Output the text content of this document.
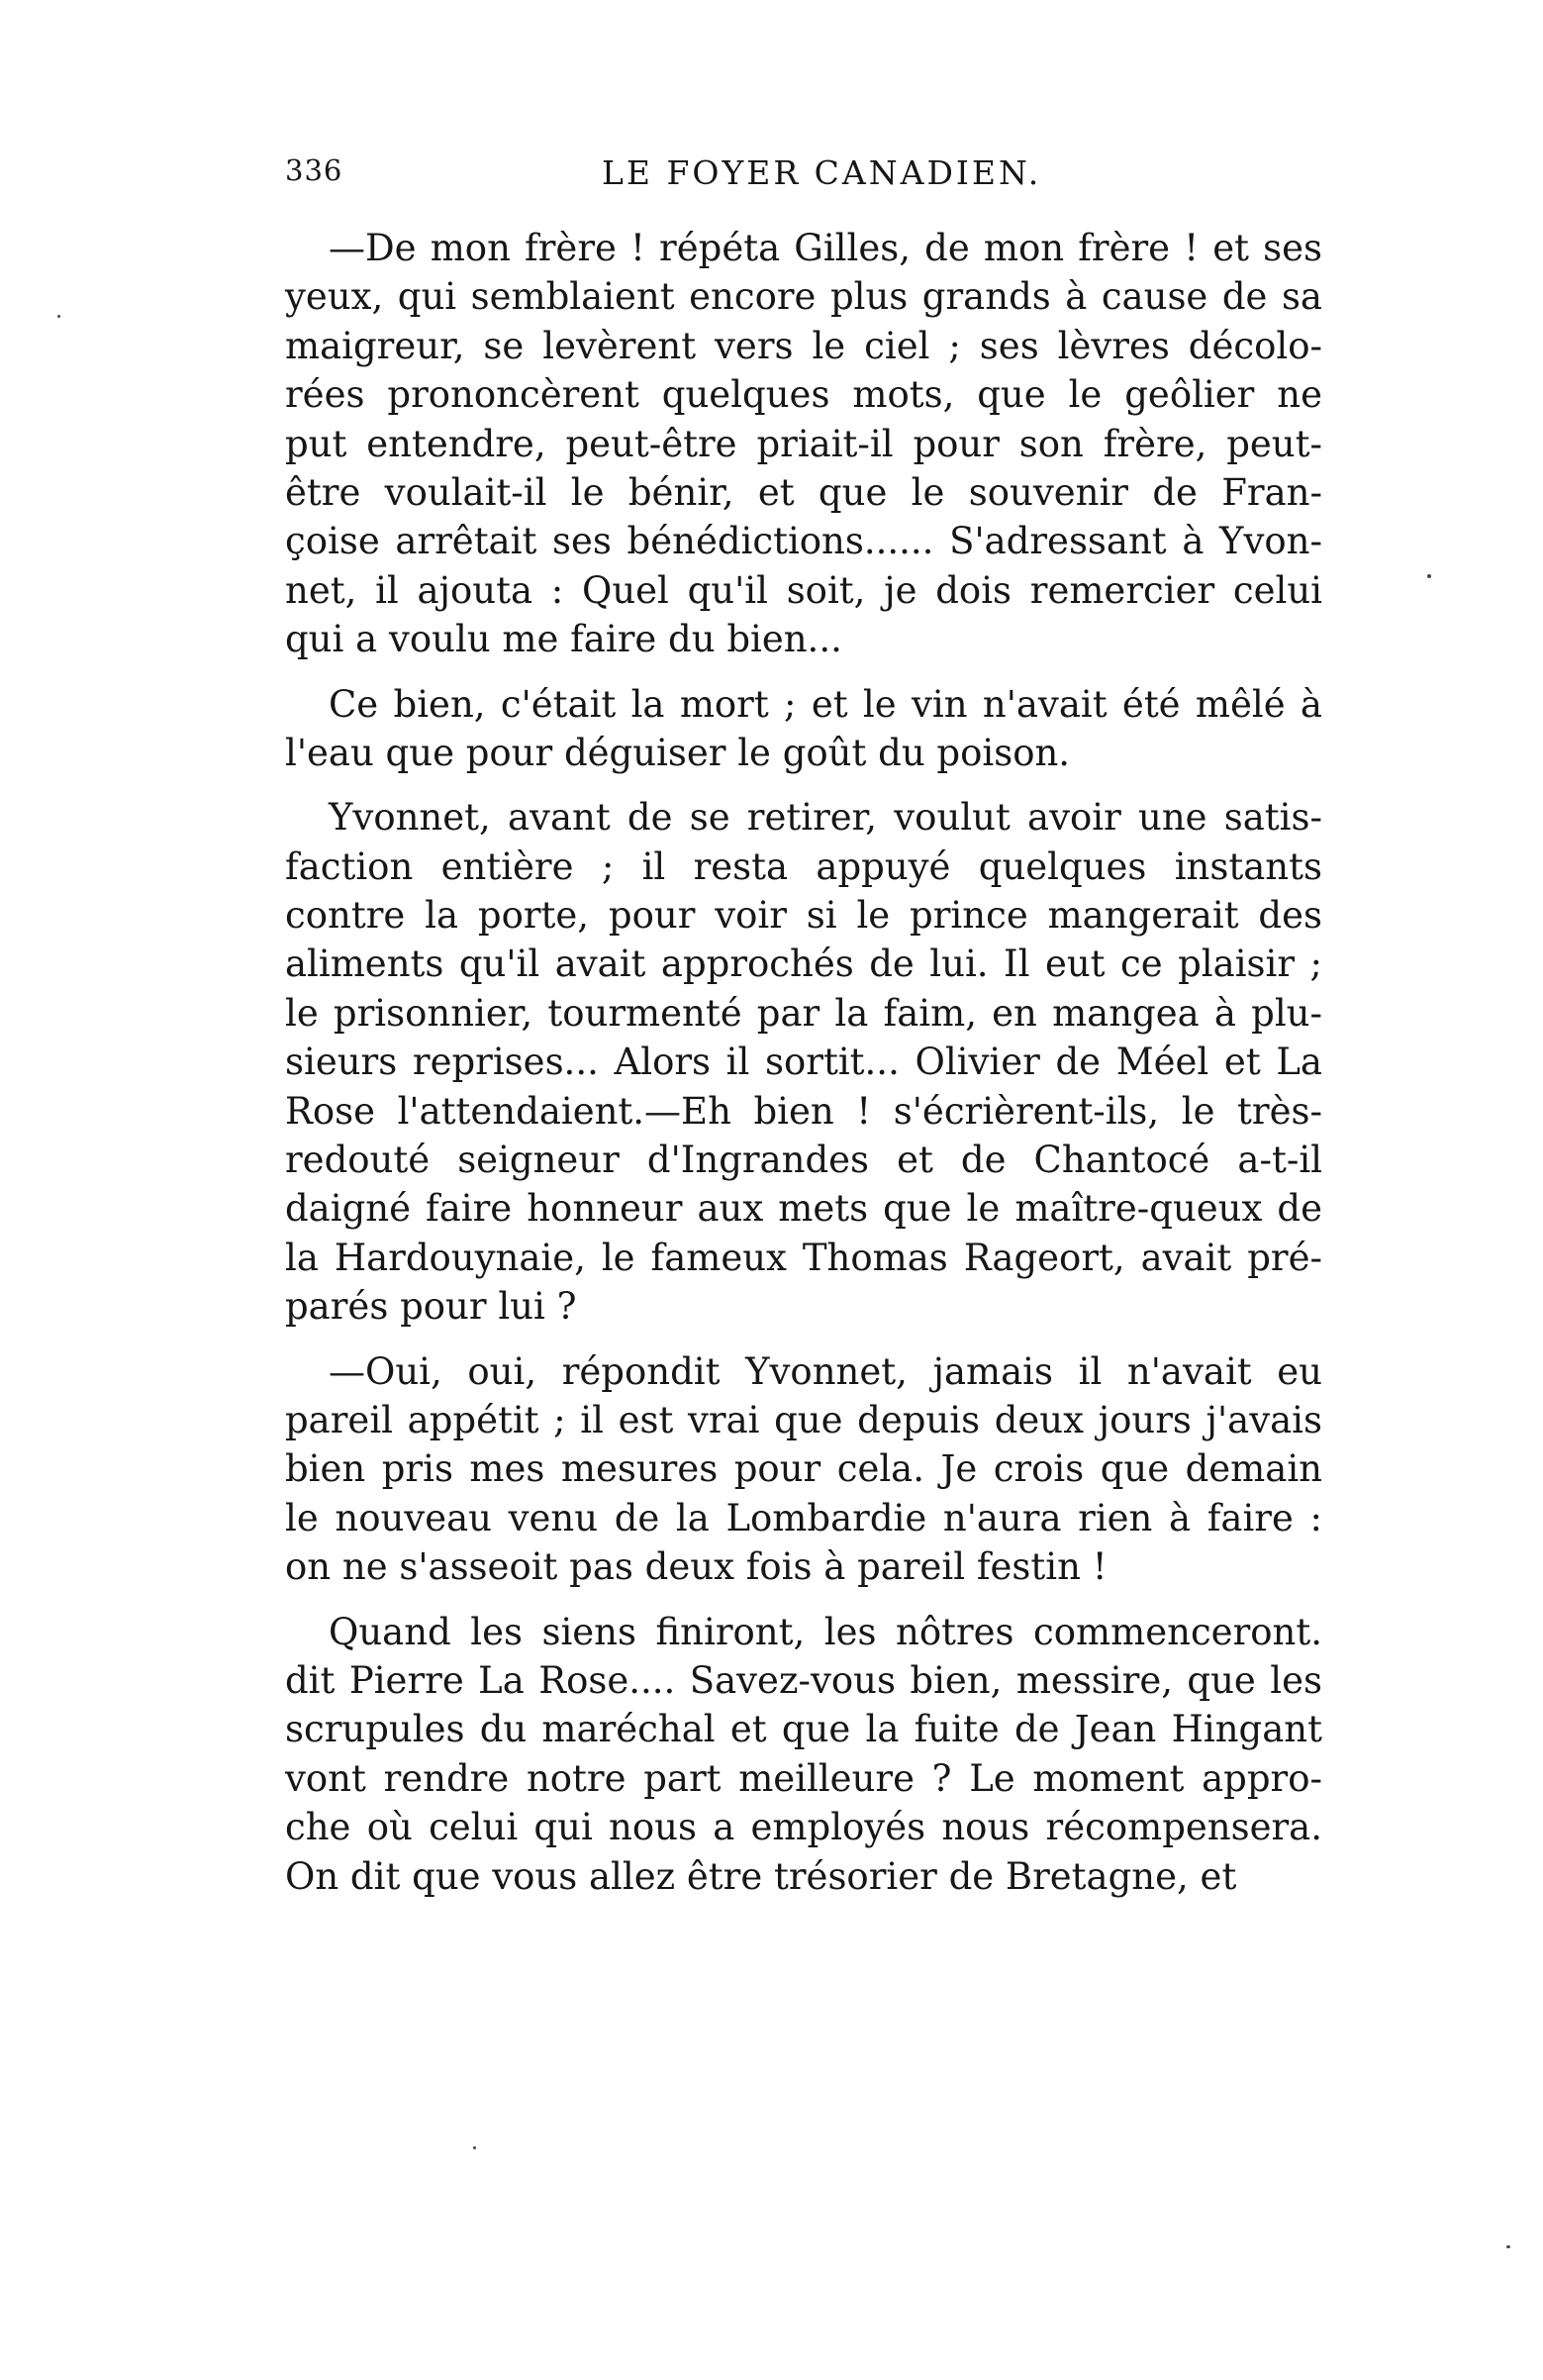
336	LE FOYER CANADIEN.
—De mon frère ! répéta Gilles, de mon frère ! et ses
yeux, qui semblaient encore plus grands à cause de sa
maigreur, se levèrent vers le ciel ; ses lèvres décolo-
rées prononcèrent quelques mots, que le geôlier ne
put entendre, peut-être priait-il pour son frère, peut-
être voulait-il le bénir, et que le souvenir de Fran-
çoise arrêtait ses bénédictions...... S'adressant à Yvon-
net, il ajouta : Quel qu'il soit, je dois remercier celui
qui a voulu me faire du bien...
Ce bien, c'était la mort ; et le vin n'avait été mêlé à
l'eau que pour déguiser le goût du poison.
Yvonnet, avant de se retirer, voulut avoir une satis-
faction entière ; il resta appuyé quelques instants
contre la porte, pour voir si le prince mangerait des
aliments qu'il avait approchés de lui. Il eut ce plaisir ;
le prisonnier, tourmenté par la faim, en mangea à plu-
sieurs reprises... Alors il sortit... Olivier de Méel et La
Rose l'attendaient.—Eh bien ! s'écrièrent-ils, le très-
redouté seigneur d'Ingrandes et de Chantocé a-t-il
daigné faire honneur aux mets que le maître-queux de
la Hardouynaie, le fameux Thomas Rageort, avait pré-
parés pour lui ?
—Oui, oui, répondit Yvonnet, jamais il n'avait eu
pareil appétit ; il est vrai que depuis deux jours j'avais
bien pris mes mesures pour cela. Je crois que demain
le nouveau venu de la Lombardie n'aura rien à faire :
on ne s'asseoit pas deux fois à pareil festin !
Quand les siens finiront, les nôtres commenceront.
dit Pierre La Rose.... Savez-vous bien, messire, que les
scrupules du maréchal et que la fuite de Jean Hingant
vont rendre notre part meilleure ? Le moment appro-
che où celui qui nous a employés nous récompensera.
On dit que vous allez être trésorier de Bretagne, et
